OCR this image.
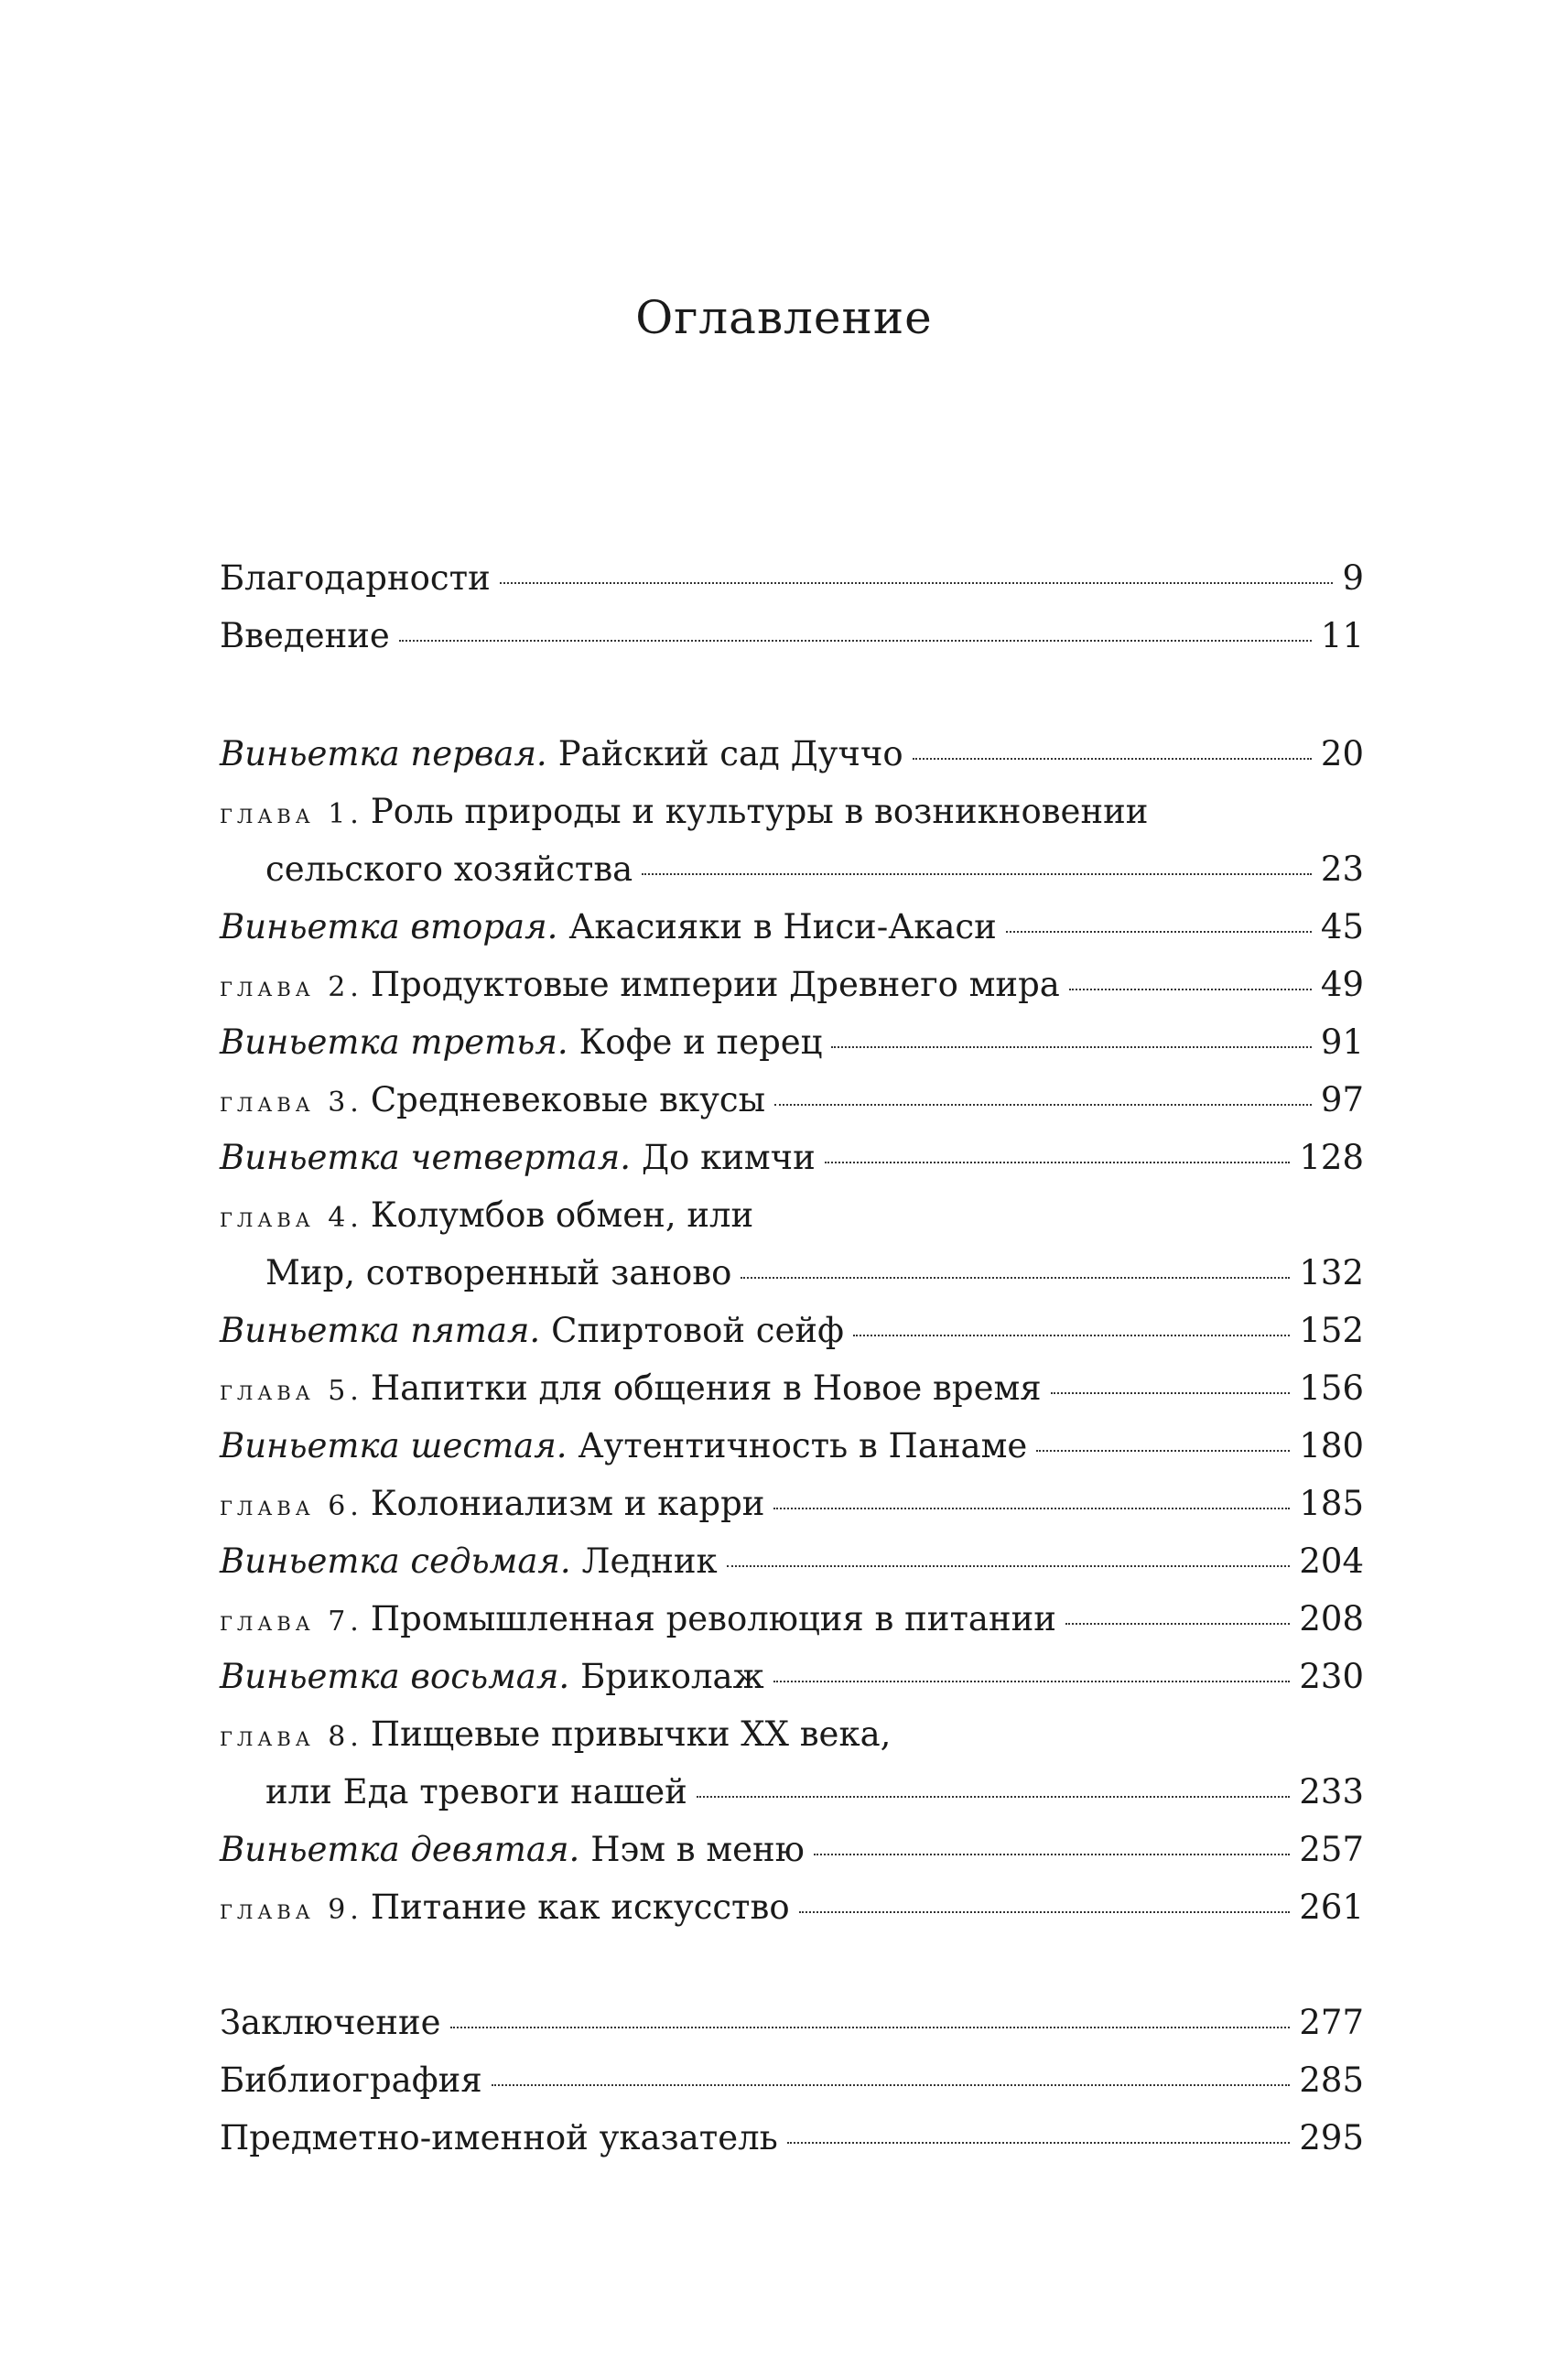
Оглавление
Благодарности	9
Введение	11
Виньетка первая. Райский сад Дуччо	20
глава 1. Роль природы и культуры в возникновении
сельского хозяйства	23
Виньетка вторая. Акасияки в Ниси-Акаси	45
глава 2. Продуктовые империи Древнего мира	49
Виньетка третья. Кофе и перец	91
глава 3. Средневековые вкусы	97
Виньетка четвертая. До кимчи	128
глава 4. Колумбов обмен, или
Мир, сотворенный заново	132
Виньетка пятая. Спиртовой сейф	152
глава 5. Напитки для общения в Новое время	156
Виньетка шестая. Аутентичность в Панаме	180
глава 6. Колониализм и карри	185
Виньетка седьмая. Ледник	204
глава 7. Промышленная революция в питании	208
Виньетка восьмая. Бриколаж	230
глава 8. Пищевые привычки XX века,
или Еда тревоги нашей	233
Виньетка девятая. Нэм в меню	257
глава 9. Питание как искусство	261
Заключение	277
Библиография	285
Предметно-именной указатель	295
